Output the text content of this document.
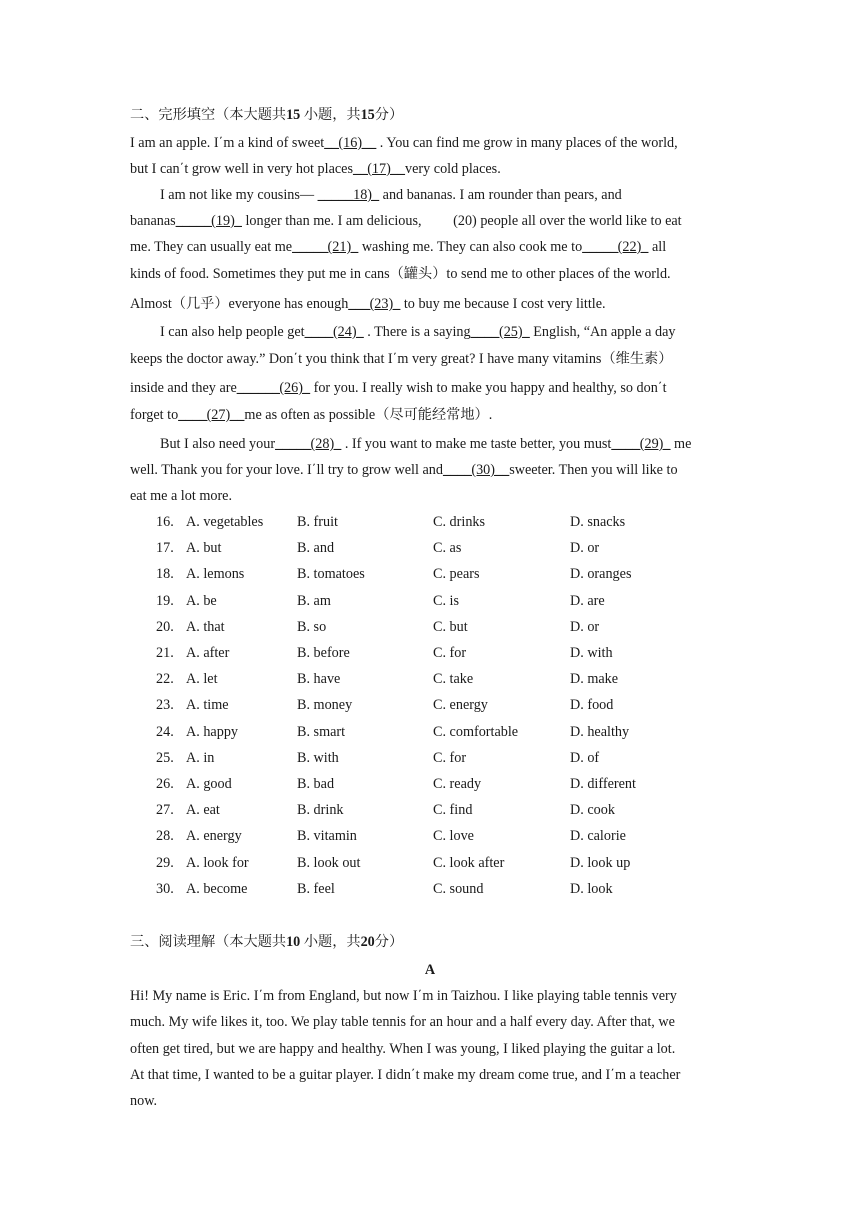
二、完形填空（本大题共15 小题，共15分）
I am an apple. I΄m a kind of sweet__(16)__ . You can find me grow in many places of the world,
but I can΄t grow well in very hot places__(17)__very cold places.
I am not like my cousins— _____18)_ and bananas. I am rounder than pears, and
bananas_____(19)_ longer than me. I am delicious, (20) people all over the world like to eat
me. They can usually eat me_____(21)_ washing me. They can also cook me to_____(22)_ all
kinds of food. Sometimes they put me in cans（罐头）to send me to other places of the world.
Almost（几乎）everyone has enough___(23)_ to buy me because I cost very little.
I can also help people get____(24)_ . There is a saying____(25)_ English, “An apple a day
keeps the doctor away.” Don΄t you think that I΄m very great? I have many vitamins（维生素）
inside and they are______(26)_ for you. I really wish to make you happy and healthy, so don΄t
forget to____(27)__me as often as possible（尽可能经常地）.
But I also need your_____(28)_ . If you want to make me taste better, you must____(29)_ me
well. Thank you for your love. I΄ll try to grow well and____(30)__sweeter. Then you will like to
eat me a lot more.
16. A. vegetables B. fruit	C. drinks	D. snacks
17. A. but	B. and	C. as	D. or
18. A. lemons	B. tomatoes	C. pears	D. oranges
19. A. be	B. am	C. is	D. are
20. A. that	B. so	C. but	D. or
21. A. after	B. before	C. for	D. with
22. A. let	B. have	C. take	D. make
23. A. time	B. money	C. energy	D. food
24. A. happy	B. smart	C. comfortable	D. healthy
25. A. in	B. with	C. for	D. of
26. A. good	B. bad	C. ready	D. different
27. A. eat	B. drink	C. find	D. cook
28. A. energy	B. vitamin	C. love	D. calorie
29. A. look for	B. look out	C. look after	D. look up
30. A. become	B. feel	C. sound	D. look
三、阅读理解（本大题共10 小题，共20分）
A
Hi! My name is Eric. I΄m from England, but now I΄m in Taizhou. I like playing table tennis very
much. My wife likes it, too. We play table tennis for an hour and a half every day. After that, we
often get tired, but we are happy and healthy. When I was young, I liked playing the guitar a lot.
At that time, I wanted to be a guitar player. I didn΄t make my dream come true, and I΄m a teacher
now.
